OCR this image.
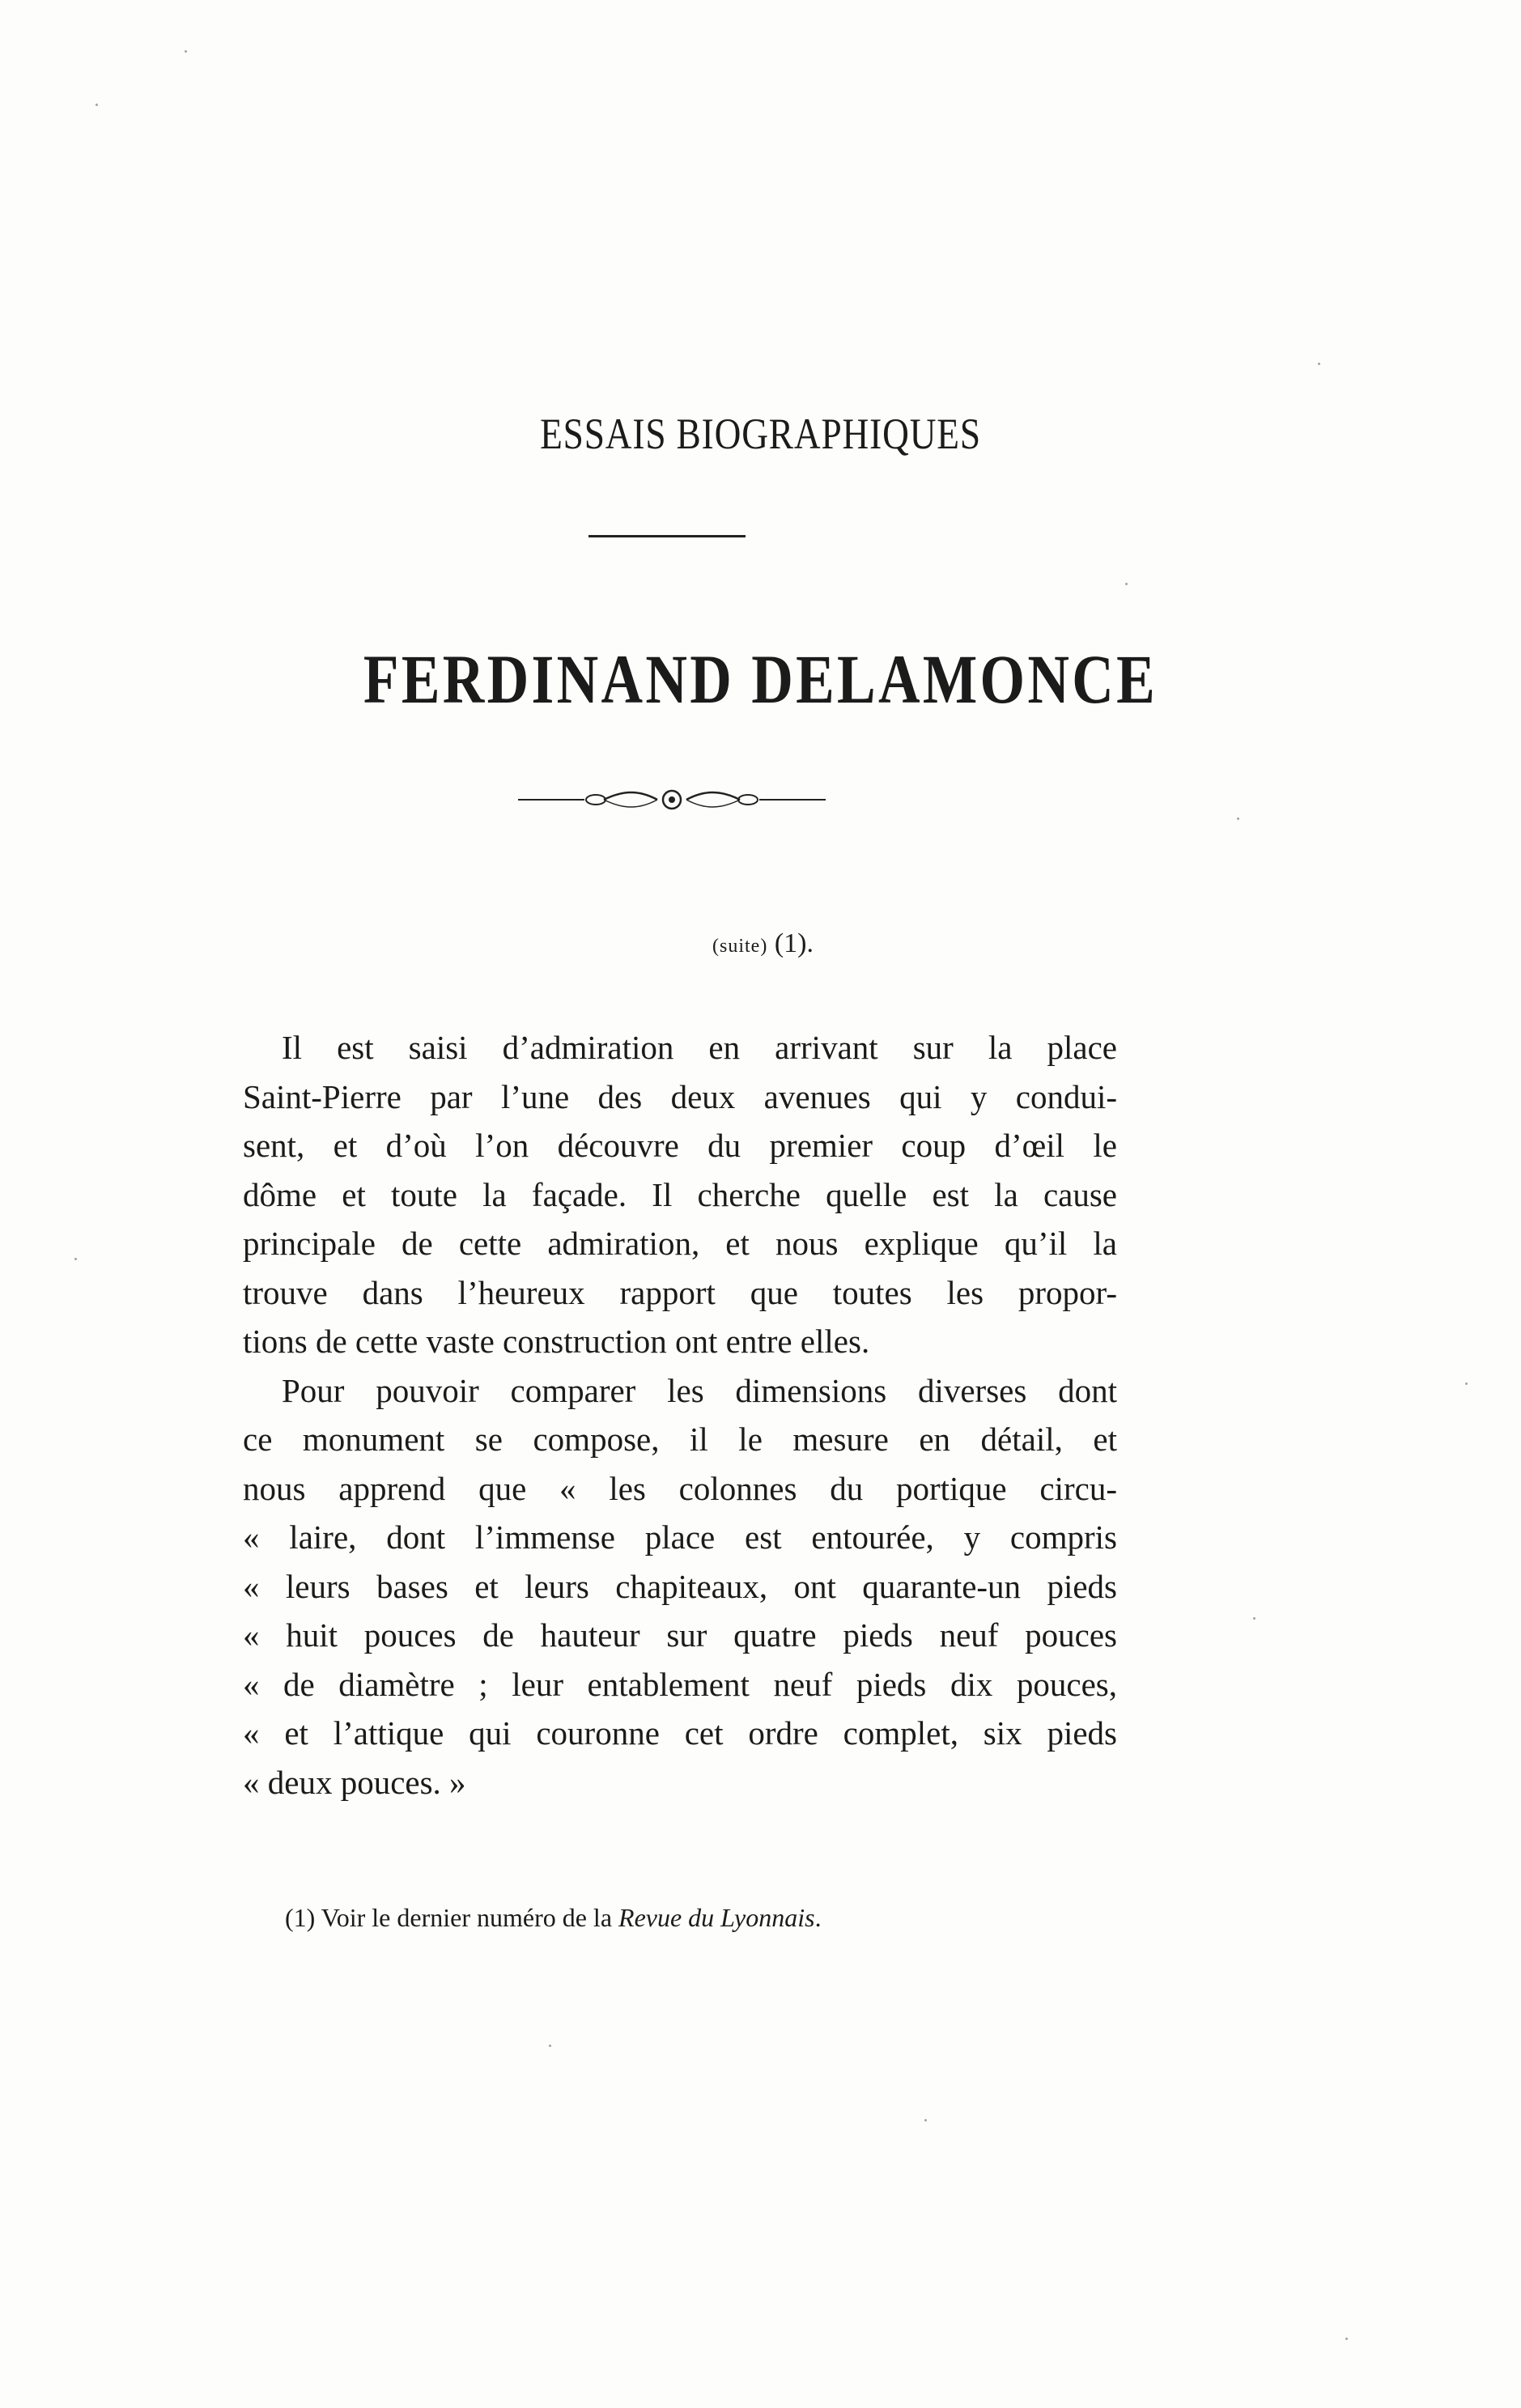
ESSAIS BIOGRAPHIQUES
FERDINAND DELAMONCE
(suite) (1).
Il est saisi d’admiration en arrivant sur la place
Saint-Pierre par l’une des deux avenues qui y condui-
sent, et d’où l’on découvre du premier coup d’œil le
dôme et toute la façade. Il cherche quelle est la cause
principale de cette admiration, et nous explique qu’il la
trouve dans l’heureux rapport que toutes les propor-
tions de cette vaste construction ont entre elles.
Pour pouvoir comparer les dimensions diverses dont
ce monument se compose, il le mesure en détail, et
nous apprend que « les colonnes du portique circu-
« laire, dont l’immense place est entourée, y compris
« leurs bases et leurs chapiteaux, ont quarante-un pieds
« huit pouces de hauteur sur quatre pieds neuf pouces
« de diamètre ; leur entablement neuf pieds dix pouces,
« et l’attique qui couronne cet ordre complet, six pieds
« deux pouces. »
(1) Voir le dernier numéro de la Revue du Lyonnais.
